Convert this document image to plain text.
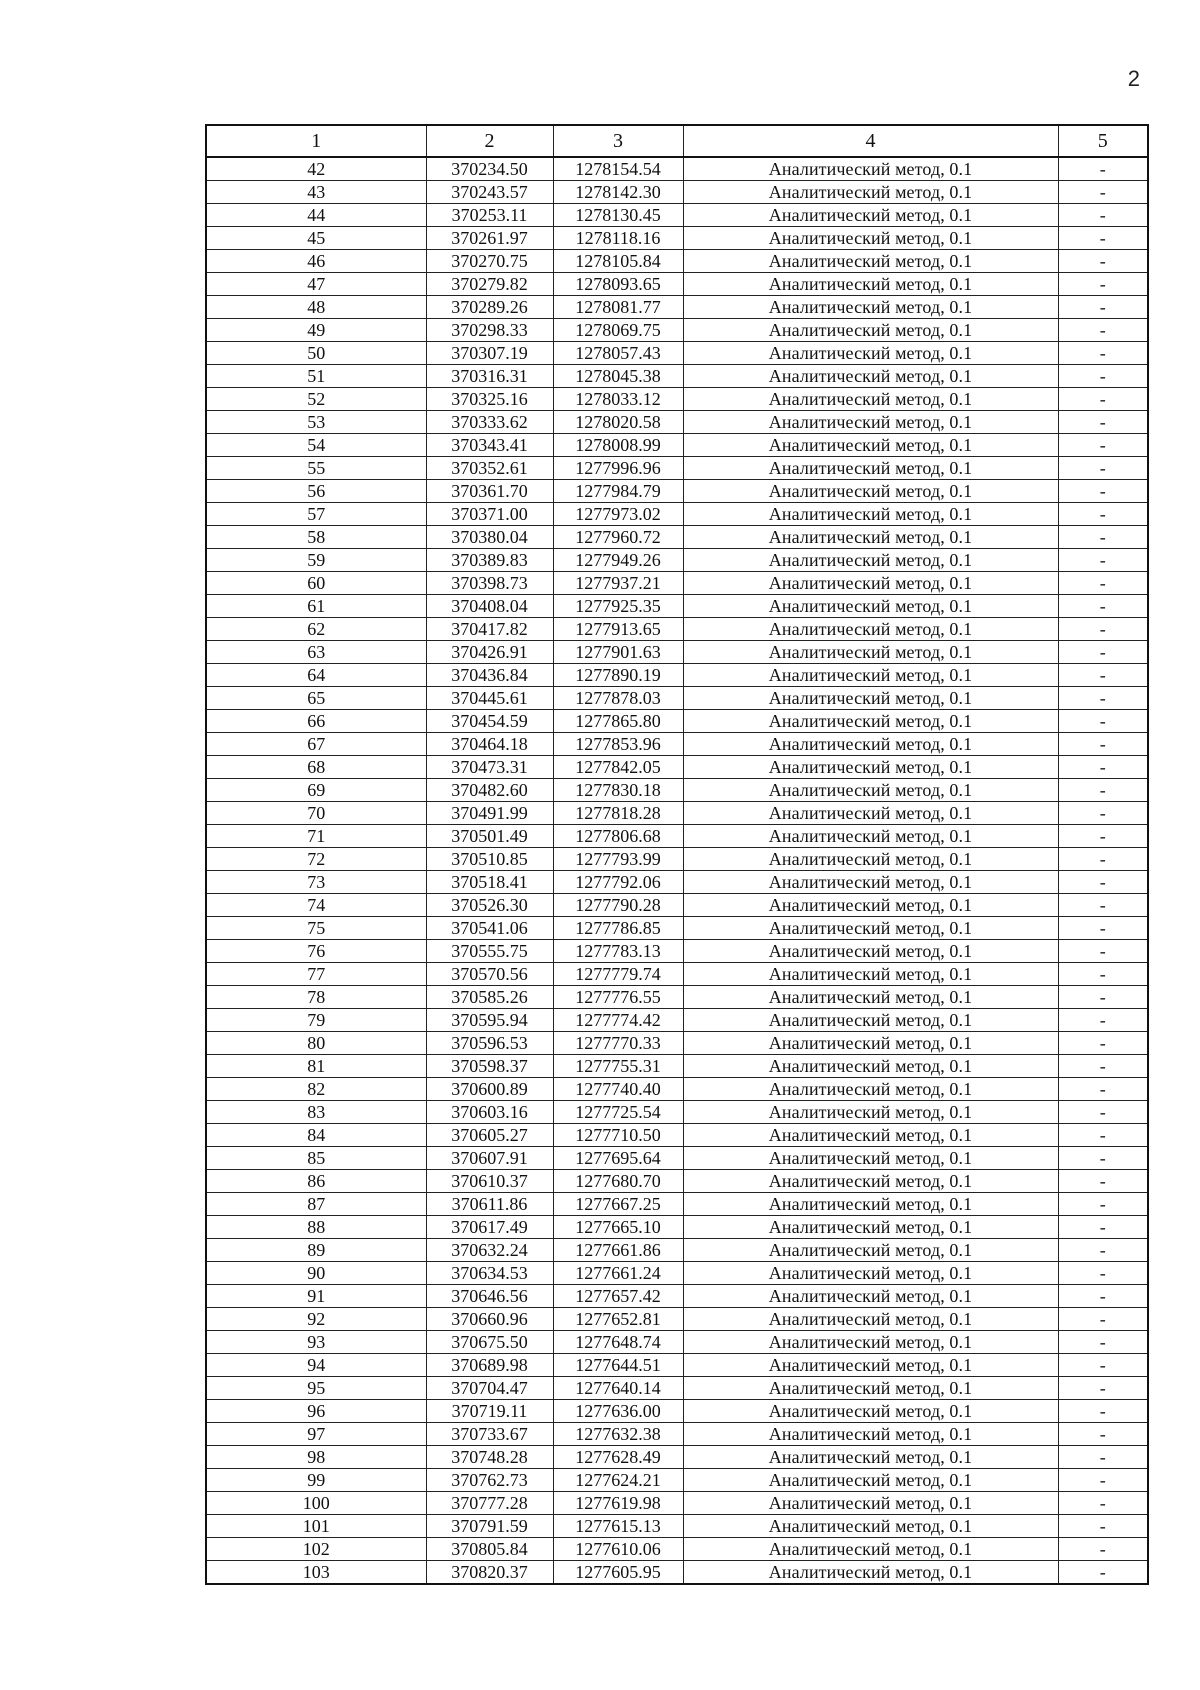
2
1	2	3	4	5
42	370234.50	1278154.54	Аналитический метод, 0.1	-
43	370243.57	1278142.30	Аналитический метод, 0.1	-
44	370253.11	1278130.45	Аналитический метод, 0.1	-
45	370261.97	1278118.16	Аналитический метод, 0.1	-
46	370270.75	1278105.84	Аналитический метод, 0.1	-
47	370279.82	1278093.65	Аналитический метод, 0.1	-
48	370289.26	1278081.77	Аналитический метод, 0.1	-
49	370298.33	1278069.75	Аналитический метод, 0.1	-
50	370307.19	1278057.43	Аналитический метод, 0.1	-
51	370316.31	1278045.38	Аналитический метод, 0.1	-
52	370325.16	1278033.12	Аналитический метод, 0.1	-
53	370333.62	1278020.58	Аналитический метод, 0.1	-
54	370343.41	1278008.99	Аналитический метод, 0.1	-
55	370352.61	1277996.96	Аналитический метод, 0.1	-
56	370361.70	1277984.79	Аналитический метод, 0.1	-
57	370371.00	1277973.02	Аналитический метод, 0.1	-
58	370380.04	1277960.72	Аналитический метод, 0.1	-
59	370389.83	1277949.26	Аналитический метод, 0.1	-
60	370398.73	1277937.21	Аналитический метод, 0.1	-
61	370408.04	1277925.35	Аналитический метод, 0.1	-
62	370417.82	1277913.65	Аналитический метод, 0.1	-
63	370426.91	1277901.63	Аналитический метод, 0.1	-
64	370436.84	1277890.19	Аналитический метод, 0.1	-
65	370445.61	1277878.03	Аналитический метод, 0.1	-
66	370454.59	1277865.80	Аналитический метод, 0.1	-
67	370464.18	1277853.96	Аналитический метод, 0.1	-
68	370473.31	1277842.05	Аналитический метод, 0.1	-
69	370482.60	1277830.18	Аналитический метод, 0.1	-
70	370491.99	1277818.28	Аналитический метод, 0.1	-
71	370501.49	1277806.68	Аналитический метод, 0.1	-
72	370510.85	1277793.99	Аналитический метод, 0.1	-
73	370518.41	1277792.06	Аналитический метод, 0.1	-
74	370526.30	1277790.28	Аналитический метод, 0.1	-
75	370541.06	1277786.85	Аналитический метод, 0.1	-
76	370555.75	1277783.13	Аналитический метод, 0.1	-
77	370570.56	1277779.74	Аналитический метод, 0.1	-
78	370585.26	1277776.55	Аналитический метод, 0.1	-
79	370595.94	1277774.42	Аналитический метод, 0.1	-
80	370596.53	1277770.33	Аналитический метод, 0.1	-
81	370598.37	1277755.31	Аналитический метод, 0.1	-
82	370600.89	1277740.40	Аналитический метод, 0.1	-
83	370603.16	1277725.54	Аналитический метод, 0.1	-
84	370605.27	1277710.50	Аналитический метод, 0.1	-
85	370607.91	1277695.64	Аналитический метод, 0.1	-
86	370610.37	1277680.70	Аналитический метод, 0.1	-
87	370611.86	1277667.25	Аналитический метод, 0.1	-
88	370617.49	1277665.10	Аналитический метод, 0.1	-
89	370632.24	1277661.86	Аналитический метод, 0.1	-
90	370634.53	1277661.24	Аналитический метод, 0.1	-
91	370646.56	1277657.42	Аналитический метод, 0.1	-
92	370660.96	1277652.81	Аналитический метод, 0.1	-
93	370675.50	1277648.74	Аналитический метод, 0.1	-
94	370689.98	1277644.51	Аналитический метод, 0.1	-
95	370704.47	1277640.14	Аналитический метод, 0.1	-
96	370719.11	1277636.00	Аналитический метод, 0.1	-
97	370733.67	1277632.38	Аналитический метод, 0.1	-
98	370748.28	1277628.49	Аналитический метод, 0.1	-
99	370762.73	1277624.21	Аналитический метод, 0.1	-
100	370777.28	1277619.98	Аналитический метод, 0.1	-
101	370791.59	1277615.13	Аналитический метод, 0.1	-
102	370805.84	1277610.06	Аналитический метод, 0.1	-
103	370820.37	1277605.95	Аналитический метод, 0.1	-
